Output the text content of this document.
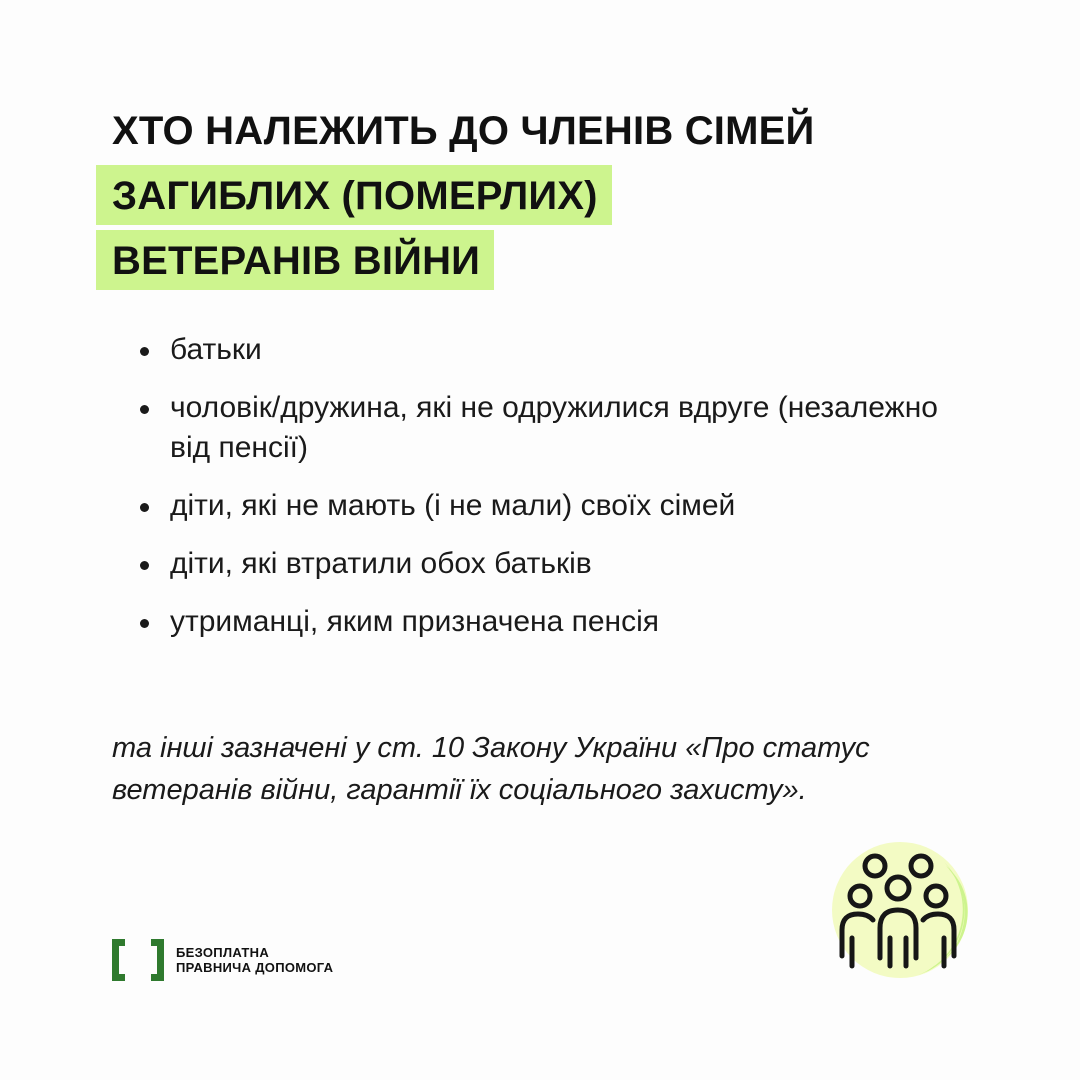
ХТО НАЛЕЖИТЬ ДО ЧЛЕНІВ СІМЕЙ
ЗАГИБЛИХ (ПОМЕРЛИХ)
ВЕТЕРАНІВ ВІЙНИ
батьки
чоловік/дружина, які не одружилися вдруге (незалежно від пенсії)
діти, які не мають (і не мали) своїх сімей
діти, які втратили обох батьків
утриманці, яким призначена пенсія

та інші зазначені у ст. 10 Закону України «Про статус ветеранів війни, гарантії їх соціального захисту».

БЕЗОПЛАТНА
ПРАВНИЧА ДОПОМОГА
